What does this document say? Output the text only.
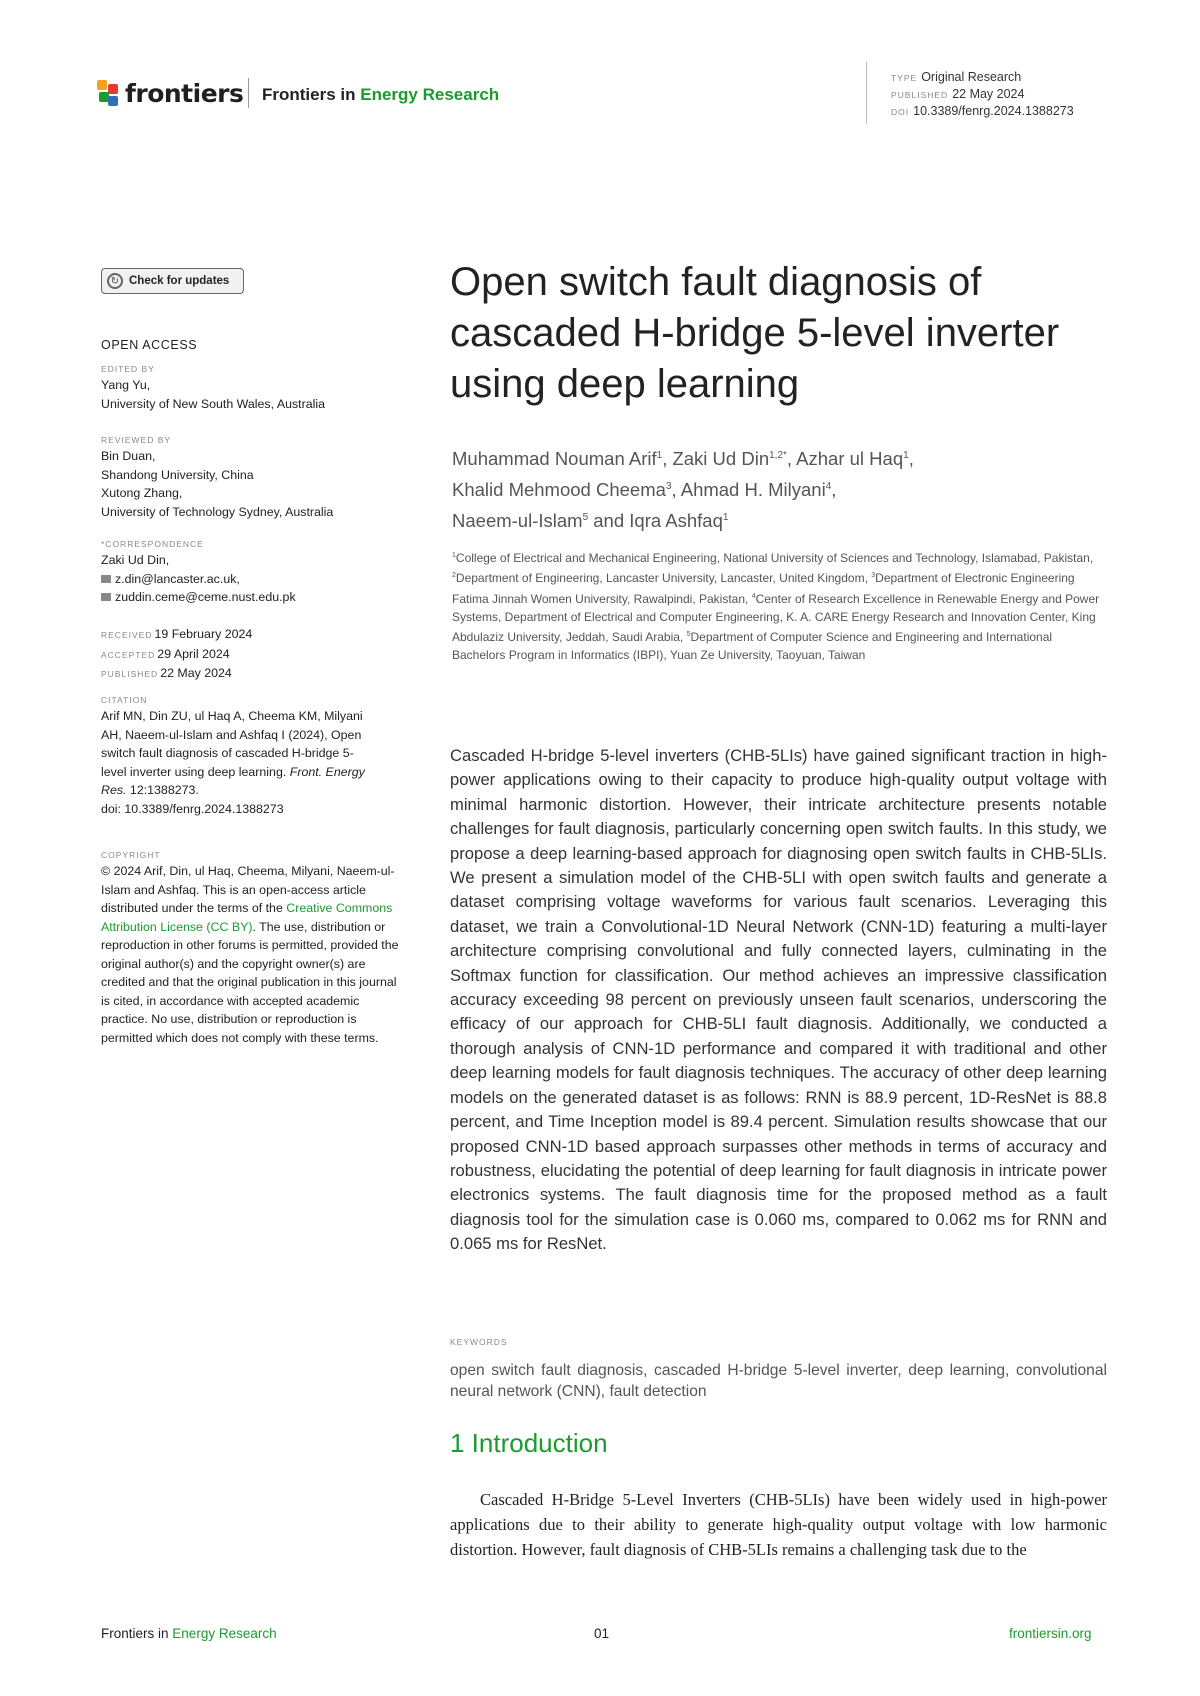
frontiers Frontiers in Energy Research
TYPE Original Research
PUBLISHED 22 May 2024
DOI 10.3389/fenrg.2024.1388273
↻ Check for updates
OPEN ACCESS
EDITED BY
Yang Yu,
University of New South Wales, Australia
REVIEWED BY
Bin Duan,
Shandong University, China
Xutong Zhang,
University of Technology Sydney, Australia
*CORRESPONDENCE
Zaki Ud Din,
z.din@lancaster.ac.uk,
zuddin.ceme@ceme.nust.edu.pk
RECEIVED 19 February 2024
ACCEPTED 29 April 2024
PUBLISHED 22 May 2024
CITATION
Arif MN, Din ZU, ul Haq A, Cheema KM, Milyani AH, Naeem-ul-Islam and Ashfaq I (2024), Open switch fault diagnosis of cascaded H-bridge 5-level inverter using deep learning. Front. Energy Res. 12:1388273.
doi: 10.3389/fenrg.2024.1388273
COPYRIGHT
© 2024 Arif, Din, ul Haq, Cheema, Milyani, Naeem-ul-Islam and Ashfaq. This is an open-access article distributed under the terms of the Creative Commons Attribution License (CC BY). The use, distribution or reproduction in other forums is permitted, provided the original author(s) and the copyright owner(s) are credited and that the original publication in this journal is cited, in accordance with accepted academic practice. No use, distribution or reproduction is permitted which does not comply with these terms.
Open switch fault diagnosis of cascaded H-bridge 5-level inverter using deep learning
Muhammad Nouman Arif$^1$, Zaki Ud Din$^{1,2*}$, Azhar ul Haq$^1$,
Khalid Mehmood Cheema$^3$, Ahmad H. Milyani$^4$,
Naeem-ul-Islam$^5$ and Iqra Ashfaq$^1$
$^1$College of Electrical and Mechanical Engineering, National University of Sciences and Technology, Islamabad, Pakistan, $^2$Department of Engineering, Lancaster University, Lancaster, United Kingdom, $^3$Department of Electronic Engineering Fatima Jinnah Women University, Rawalpindi, Pakistan, $^4$Center of Research Excellence in Renewable Energy and Power Systems, Department of Electrical and Computer Engineering, K. A. CARE Energy Research and Innovation Center, King Abdulaziz University, Jeddah, Saudi Arabia, $^5$Department of Computer Science and Engineering and International Bachelors Program in Informatics (IBPI), Yuan Ze University, Taoyuan, Taiwan
Cascaded H-bridge 5-level inverters (CHB-5LIs) have gained significant traction in high-power applications owing to their capacity to produce high-quality output voltage with minimal harmonic distortion. However, their intricate architecture presents notable challenges for fault diagnosis, particularly concerning open switch faults. In this study, we propose a deep learning-based approach for diagnosing open switch faults in CHB-5LIs. We present a simulation model of the CHB-5LI with open switch faults and generate a dataset comprising voltage waveforms for various fault scenarios. Leveraging this dataset, we train a Convolutional-1D Neural Network (CNN-1D) featuring a multi-layer architecture comprising convolutional and fully connected layers, culminating in the Softmax function for classification. Our method achieves an impressive classification accuracy exceeding 98 percent on previously unseen fault scenarios, underscoring the efficacy of our approach for CHB-5LI fault diagnosis. Additionally, we conducted a thorough analysis of CNN-1D performance and compared it with traditional and other deep learning models for fault diagnosis techniques. The accuracy of other deep learning models on the generated dataset is as follows: RNN is 88.9 percent, 1D-ResNet is 88.8 percent, and Time Inception model is 89.4 percent. Simulation results showcase that our proposed CNN-1D based approach surpasses other methods in terms of accuracy and robustness, elucidating the potential of deep learning for fault diagnosis in intricate power electronics systems. The fault diagnosis time for the proposed method as a fault diagnosis tool for the simulation case is 0.060 ms, compared to 0.062 ms for RNN and 0.065 ms for ResNet.
KEYWORDS
open switch fault diagnosis, cascaded H-bridge 5-level inverter, deep learning, convolutional neural network (CNN), fault detection
1 Introduction
Cascaded H-Bridge 5-Level Inverters (CHB-5LIs) have been widely used in high-power applications due to their ability to generate high-quality output voltage with low harmonic distortion. However, fault diagnosis of CHB-5LIs remains a challenging task due to the
Frontiers in Energy Research	01	frontiersin.org
